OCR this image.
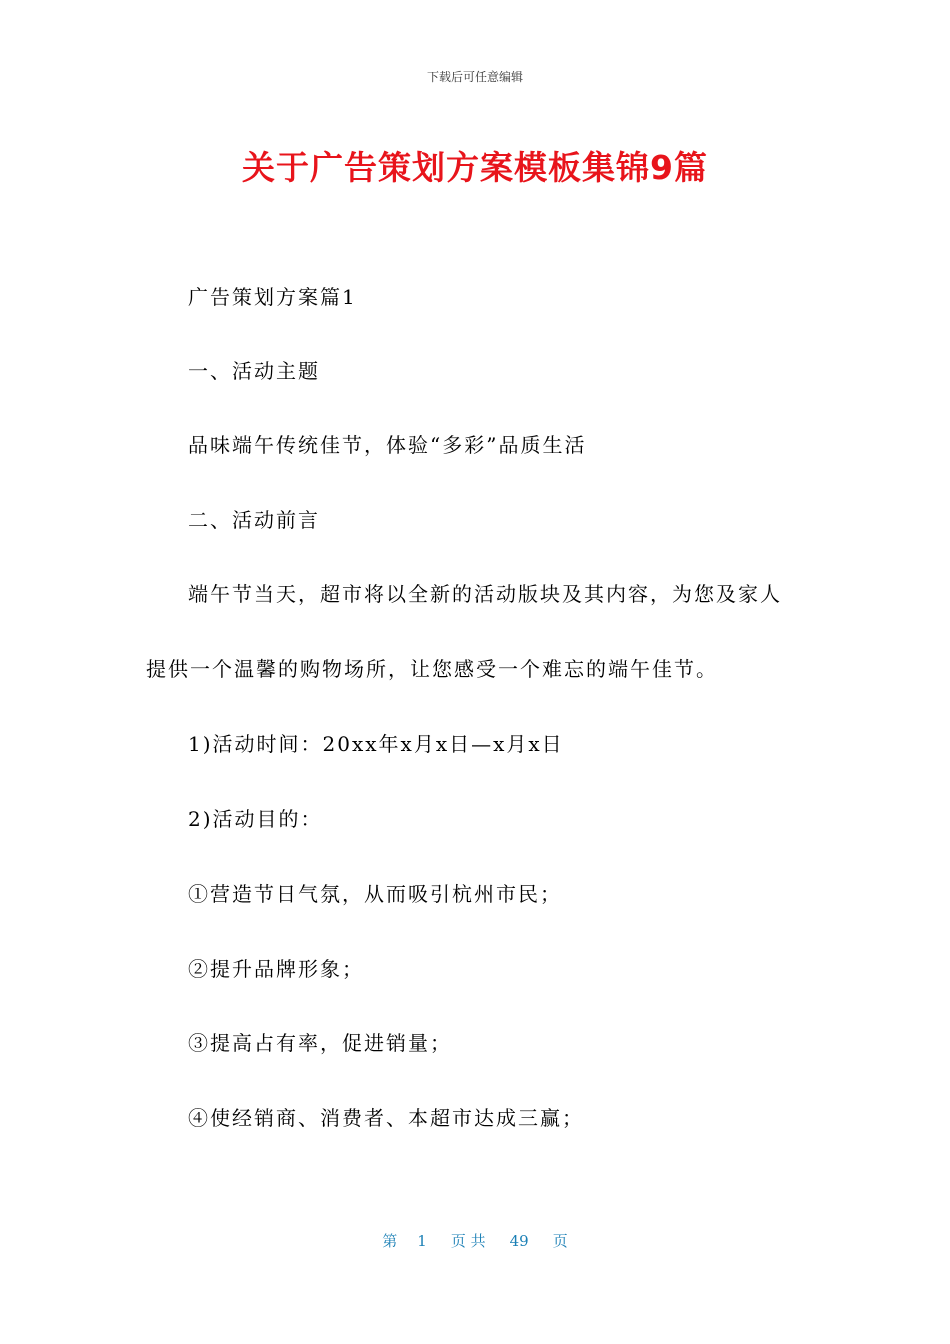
下载后可任意编辑
关于广告策划方案模板集锦9篇
广告策划方案篇1
一、活动主题
品味端午传统佳节，体验“多彩”品质生活
二、活动前言
端午节当天，超市将以全新的活动版块及其内容，为您及家人
提供一个温馨的购物场所，让您感受一个难忘的端午佳节。
1)活动时间：20xx年x月x日—x月x日
2)活动目的：
①营造节日气氛，从而吸引杭州市民；
②提升品牌形象；
③提高占有率，促进销量；
④使经销商、消费者、本超市达成三赢；
第 1 页 共 49 页
